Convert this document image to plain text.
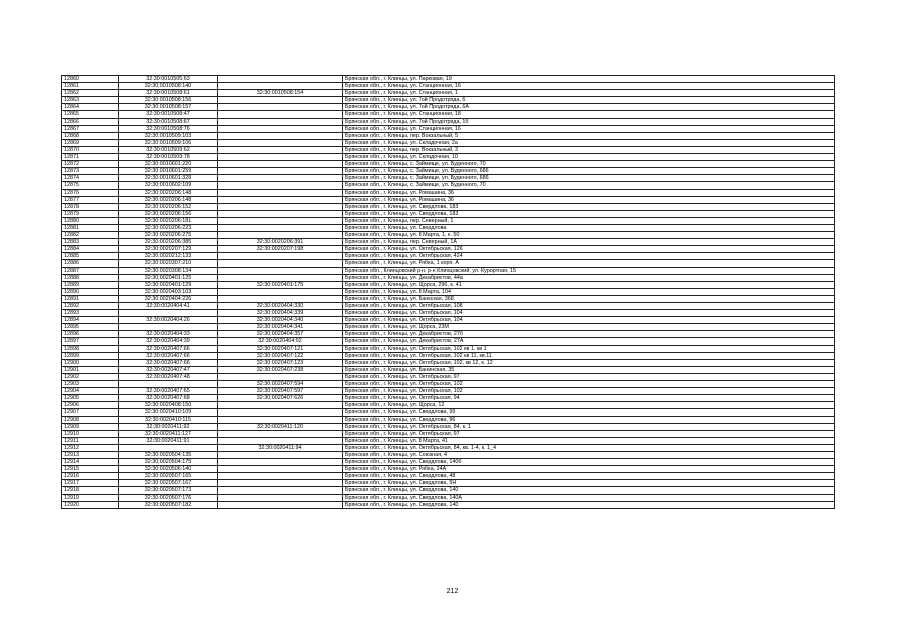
12860	32:30:0010505:63		Брянская обл., г. Клинцы, ул. Парковая, 19
12861	32:30:0010508:140		Брянская обл., г. Клинцы, ул. Станционная, 16
12862	32:30:0010508:61	32:30:0010508:154	Брянская обл., г. Клинцы, ул. Станционная, 1
12863	32:30:0010508:156		Брянская обл., г. Клинцы, ул. 7ой Продотряда, 6
12864	32:30:0010508:157		Брянская обл., г. Клинцы, ул. 7ой Продотряда, 6А
12865	32:30:0010508:47		Брянская обл., г. Клинцы, ул. Станционная, 18
12866	32:30:0010508:67		Брянская обл., г. Клинцы, ул. 7ой Продотряда, 1б
12867	32:30:0010508:76		Брянская обл., г. Клинцы, ул. Станционная, 16
12868	32:30:0010509:103		Брянская обл., г. Клинцы, пер. Вокзальный, 5
12869	32:30:0010509:106		Брянская обл., г. Клинцы, ул. Складочная, 2а
12870	32:30:0010509:62		Брянская обл., г. Клинцы, пер. Вокзальный, 2
12871	32:30:0010509:78		Брянская обл., г. Клинцы, ул. Складочная, 10
12872	32:30:0010601:220		Брянская обл., г. Клинцы, с. Займище, ул. Буденного, 70
12873	32:30:0010601:259		Брянская обл., г. Клинцы, с. Займище, ул. Буденного, 686
12874	32:30:0010601:328		Брянская обл., г. Клинцы, с. Займище, ул. Буденного, 686
12875	32:30:0010602:109		Брянская обл., г. Клинцы, с. Займище, ул. Буденного, 70
12876	32:30:0020206:148		Брянская обл., г. Клинцы, ул. Ромашина, 36
12877	32:30:0020206:148		Брянская обл., г. Клинцы, ул. Ромашина, 36
12878	32:30:0020206:152		Брянская обл., г. Клинцы, ул. Свердлова, 183
12879	32:30:0020206:156		Брянская обл., г. Клинцы, ул. Свердлова, 183
12880	32:30:0020206:181		Брянская обл., г. Клинцы, пер. Северный, 1
12881	32:30:0020206:223		Брянская обл., г. Клинцы, ул. Свердлова
12882	32:30:0020206:275		Брянская обл., г. Клинцы, ул. 8 Марта, 1, к. 50
12883	32:30:0020206:385	32:30:0020206:391	Брянская обл., г. Клинцы, пер. Северный, 1А
12884	32:30:0020207:129	32:30:0020207:198	Брянская обл., г. Клинцы, ул. Октябрьская, 126
12885	32:30:0020212:133		Брянская обл., г. Клинцы, ул. Октябрьская, 424
12886	32:30:0020307:210		Брянская обл., г. Клинцы, ул. Рябка, 1 корп. А
12887	32:30:0020308:134		Брянская обл., Клинцовский р-н, р-н Клинцовский, ул. Курортная, 15
12888	32:30:0020401:125		Брянская обл., г. Клинцы, ул. Декабристов, 44а
12889	32:30:0020401:129	32:30:0020401:175	Брянская обл., г. Клинцы, ул. Щорса, 296, к. 41
12890	32:30:0020403:103		Брянская обл., г. Клинцы, ул. 8 Марта, 104
12891	32:30:0020404:226		Брянская обл., г. Клинцы, ул. Банкская, 368
12892	32:30:0020404:41	32:30:0020404:330	Брянская обл., г. Клинцы, ул. Октябрьская, 108
12893		32:30:0020404:339	Брянская обл., г. Клинцы, ул. Октябрьская, 104
12894	32:30:0020404:26	32:30:0020404:340	Брянская обл., г. Клинцы, ул. Октябрьская, 104
12895		32:30:0020404:341	Брянская обл., г. Клинцы, ул. Щорса, 23М
12896	32:30:0020404:33	32:30:0020404:357	Брянская обл., г. Клинцы, ул. Декабристов, 27б
12897	32:30:0020404:39	32:30:0020404:92	Брянская обл., г. Клинцы, ул. Декабристов, 27А
12898	32:30:0020407:66	32:30:0020407:121	Брянская обл., г. Клинцы, ул. Октябрьская, 102 кв 1, кв 1
12899	32:30:0020407:66	32:30:0020407:122	Брянская обл., г. Клинцы, ул. Октябрьская, 102 кв 11, кв.11
12900	32:30:0020407:66	32:30:0020407:123	Брянская обл., г. Клинцы, ул. Октябрьская, 102, кв 12, к. 12
12901	32:30:0020407:47	32:30:0020407:238	Брянская обл., г. Клинцы, ул. Банинская, 35
12902	32:30:0020407:48		Брянская обл., г. Клинцы, ул. Октябрьская, 97
12903		32:30:0020407:594	Брянская обл., г. Клинцы, ул. Октябрьская, 102
12904	32:30:0020407:65	32:30:0020407:597	Брянская обл., г. Клинцы, ул. Октябрьская, 102
12905	32:30:0020407:68	32:30:0020407:626	Брянская обл., г. Клинцы, ул. Октябрьская, 94
12906	32:30:0020408:150		Брянская обл., г. Клинцы, ул. Щорса, 12
12907	32:30:0020410:109		Брянская обл., г. Клинцы, ул. Свердлова, 99
12908	32:30:0020410:115		Брянская обл., г. Клинцы, ул. Свердлова, 96
12909	32:30:0020411:92	32:30:0020411:120	Брянская обл., г. Клинцы, ул. Октябрьская, 84, к. 1
12910	32:30:0020411:127		Брянская обл., г. Клинцы, ул. Октябрьская, 97
12911	32:30:0020411:91		Брянская обл., г. Клинцы, ул. 8 Марта, 41
12912		32:30:0020411:94	Брянская обл., г. Клинцы, ул. Октябрьская, 84, кв. 1-4, к. 1_4
12913	32:30:0020504:135		Брянская обл., г. Клинцы, ул. Союзная, 4
12914	32:30:0020504:175		Брянская обл., г. Клинцы, ул. Свердлова, 140б
12915	32:30:0020506:140		Брянская обл., г. Клинцы, ул. Рябка, 24А
12916	32:30:0020507:165		Брянская обл., г. Клинцы, ул. Свердлова, 48
12917	32:30:0020507:167		Брянская обл., г. Клинцы, ул. Свердлова, 5Н
12918	32:30:0020507:173		Брянская обл., г. Клинцы, ул. Свердлова, 140
12919	32:30:0020507:176		Брянская обл., г. Клинцы, ул. Свердлова, 140А
12920	32:30:0020507:182		Брянская обл., г. Клинцы, ул. Свердлова, 140
212
